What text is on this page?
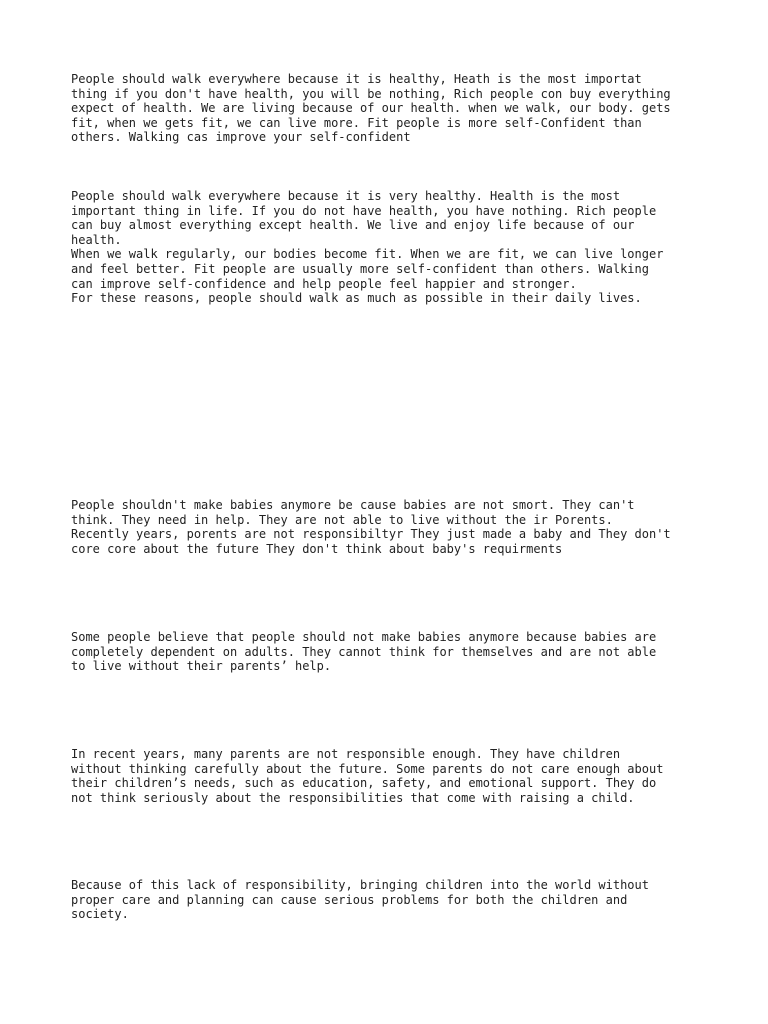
People should walk everywhere because it is healthy, Heath is the most importat
thing if you don't have health, you will be nothing, Rich people con buy everything
expect of health. We are living because of our health. when we walk, our body. gets
fit, when we gets fit, we can live more. Fit people is more self-Confident than
others. Walking cas improve your self-confident

People should walk everywhere because it is very healthy. Health is the most
important thing in life. If you do not have health, you have nothing. Rich people
can buy almost everything except health. We live and enjoy life because of our
health.
When we walk regularly, our bodies become fit. When we are fit, we can live longer
and feel better. Fit people are usually more self-confident than others. Walking
can improve self-confidence and help people feel happier and stronger.
For these reasons, people should walk as much as possible in their daily lives.

People shouldn't make babies anymore be cause babies are not smort. They can't
think. They need in help. They are not able to live without the ir Porents.
Recently years, porents are not responsibiltyr They just made a baby and They don't
core core about the future They don't think about baby's requirments

Some people believe that people should not make babies anymore because babies are
completely dependent on adults. They cannot think for themselves and are not able
to live without their parents’ help.

In recent years, many parents are not responsible enough. They have children
without thinking carefully about the future. Some parents do not care enough about
their children’s needs, such as education, safety, and emotional support. They do
not think seriously about the responsibilities that come with raising a child.

Because of this lack of responsibility, bringing children into the world without
proper care and planning can cause serious problems for both the children and
society.
